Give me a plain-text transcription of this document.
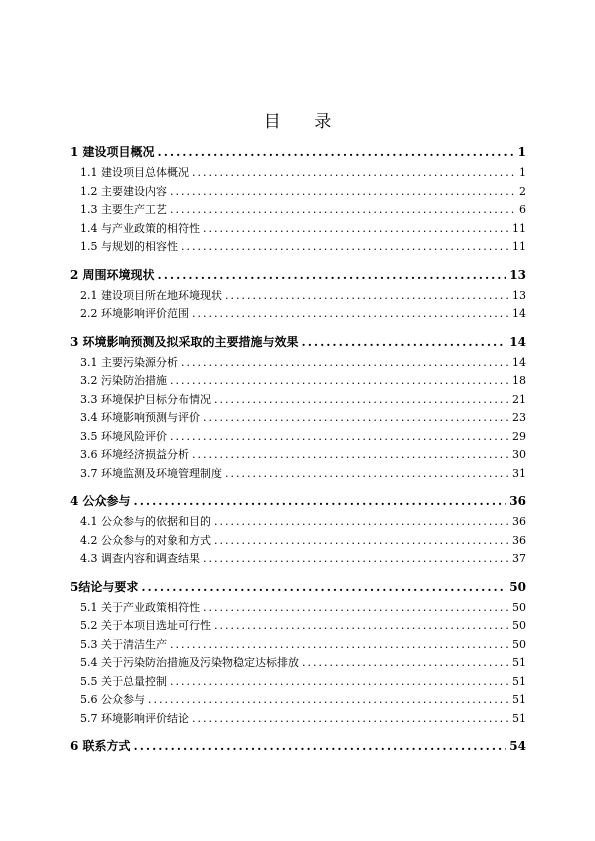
目 录
1 建设项目概况 .....	1
1.1 建设项目总体概况 .....	1
1.2 主要建设内容 .....	2
1.3 主要生产工艺 .....	6
1.4 与产业政策的相符性 .....	11
1.5 与规划的相容性 .....	11
2 周围环境现状 .....	13
2.1 建设项目所在地环境现状 .....	13
2.2 环境影响评价范围 .....	14
3 环境影响预测及拟采取的主要措施与效果 .....	14
3.1 主要污染源分析 .....	14
3.2 污染防治措施 .....	18
3.3 环境保护目标分布情况 .....	21
3.4 环境影响预测与评价 .....	23
3.5 环境风险评价 .....	29
3.6 环境经济损益分析 .....	30
3.7 环境监测及环境管理制度 .....	31
4 公众参与 .....	36
4.1 公众参与的依据和目的 .....	36
4.2 公众参与的对象和方式 .....	36
4.3 调查内容和调查结果 .....	37
5结论与要求 .....	50
5.1 关于产业政策相符性 .....	50
5.2 关于本项目选址可行性 .....	50
5.3 关于清洁生产 .....	50
5.4 关于污染防治措施及污染物稳定达标排放 .....	51
5.5 关于总量控制 .....	51
5.6 公众参与 .....	51
5.7 环境影响评价结论 .....	51
6 联系方式 .....	54
